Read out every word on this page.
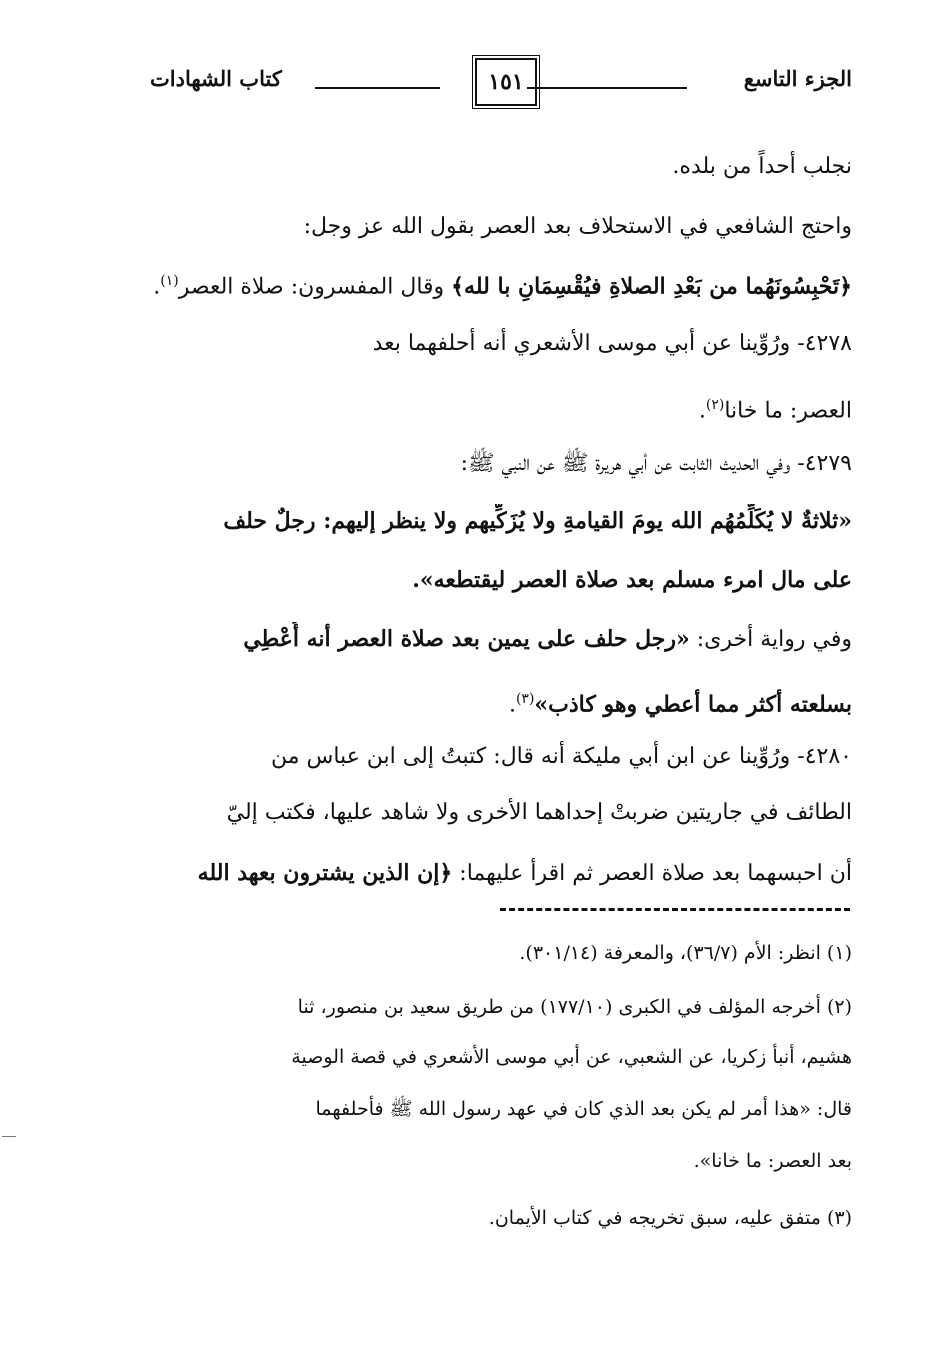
الجزء التاسع
١٥١
كتاب الشهادات
نجلب أحداً من بلده.
واحتج الشافعي في الاستحلاف بعد العصر بقول الله عز وجل:
﴿تَحْبِسُونَهُما من بَعْدِ الصلاةِ فيُقْسِمَانِ با لله﴾ وقال المفسرون: صلاة العصر$^{(١)}$.
٤٢٧٨- ورُوِّينا عن أبي موسى الأشعري أنه أحلفهما بعد
العصر: ما خانا$^{(٢)}$.
٤٢٧٩- وفي الحديث الثابت عن أبي هريرة ﷺ عن النبي ﷺ:
«ثلاثةٌ لا يُكَلِّمُهُم الله يومَ القيامةِ ولا يُزَكِّيهم ولا ينظر إليهم: رجلٌ حلف
على مال امرء مسلم بعد صلاة العصر ليقتطعه».
وفي رواية أخرى: «رجل حلف على يمين بعد صلاة العصر أنه أُعْطِي
بسلعته أكثر مما أعطي وهو كاذب»$^{(٣)}$.
٤٢٨٠- ورُوِّينا عن ابن أبي مليكة أنه قال: كتبتُ إلى ابن عباس من
الطائف في جاريتين ضربتْ إحداهما الأخرى ولا شاهد عليها، فكتب إليّ
أن احبسهما بعد صلاة العصر ثم اقرأ عليهما: ﴿إن الذين يشترون بعهد الله
(١) انظر: الأم (٣٦/٧)، والمعرفة (٣٠١/١٤).
(٢) أخرجه المؤلف في الكبرى (١٧٧/١٠) من طريق سعيد بن منصور، ثنا
هشيم، أنبأ زكريا، عن الشعبي، عن أبي موسى الأشعري في قصة الوصية
قال: «هذا أمر لم يكن بعد الذي كان في عهد رسول الله ﷺ فأحلفهما
بعد العصر: ما خانا».
(٣) متفق عليه، سبق تخريجه في كتاب الأيمان.
